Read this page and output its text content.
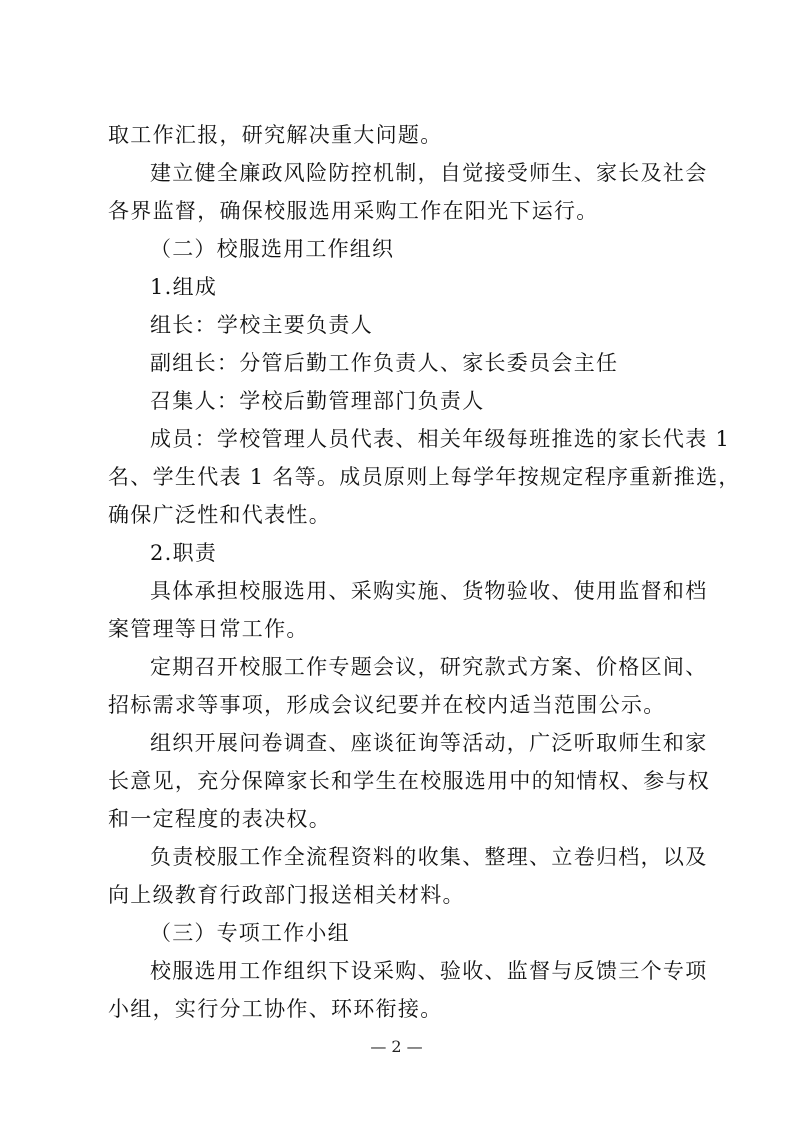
取工作汇报，研究解决重大问题。
建立健全廉政风险防控机制，自觉接受师生、家长及社会
各界监督，确保校服选用采购工作在阳光下运行。
（二）校服选用工作组织
1.组成
组长：学校主要负责人
副组长：分管后勤工作负责人、家长委员会主任
召集人：学校后勤管理部门负责人
成员：学校管理人员代表、相关年级每班推选的家长代表 1
名、学生代表 1 名等。成员原则上每学年按规定程序重新推选，
确保广泛性和代表性。
2.职责
具体承担校服选用、采购实施、货物验收、使用监督和档
案管理等日常工作。
定期召开校服工作专题会议，研究款式方案、价格区间、
招标需求等事项，形成会议纪要并在校内适当范围公示。
组织开展问卷调查、座谈征询等活动，广泛听取师生和家
长意见，充分保障家长和学生在校服选用中的知情权、参与权
和一定程度的表决权。
负责校服工作全流程资料的收集、整理、立卷归档，以及
向上级教育行政部门报送相关材料。
（三）专项工作小组
校服选用工作组织下设采购、验收、监督与反馈三个专项
小组，实行分工协作、环环衔接。
— 2 —
